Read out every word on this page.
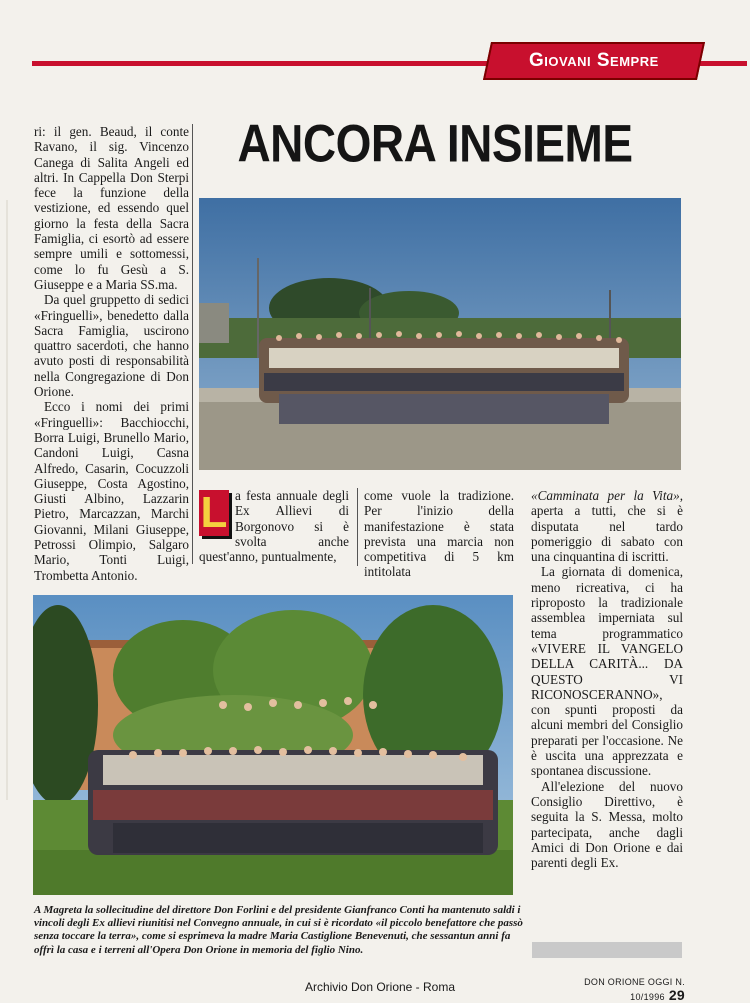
Giovani Sempre
ANCORA INSIEME

ri: il gen. Beaud, il conte Ravano, il sig. Vincenzo Canega di Salita Angeli ed altri. In Cappella Don Sterpi fece la funzione della vestizione, ed essendo quel giorno la festa della Sacra Famiglia, ci esortò ad essere sempre umili e sottomessi, come lo fu Gesù a S. Giuseppe e a Maria SS.ma.

Da quel gruppetto di sedici «Fringuelli», benedetto dalla Sacra Famiglia, uscirono quattro sacerdoti, che hanno avuto posti di responsabilità nella Congregazione di Don Orione.

Ecco i nomi dei primi «Fringuelli»: Bacchiocchi, Borra Luigi, Brunello Mario, Candoni Luigi, Casna Alfredo, Casarin, Cocuzzoli Giuseppe, Costa Agostino, Giusti Albino, Lazzarin Pietro, Marcazzan, Marchi Giovanni, Milani Giuseppe, Petrossi Olimpio, Salgaro Mario, Tonti Luigi, Trombetta Antonio.

L a festa annuale degli Ex Allievi di Borgonovo si è svolta anche quest'anno, puntualmente,

come vuole la tradizione. Per l'inizio della manifestazione è stata prevista una marcia non competitiva di 5 km intitolata

«Camminata per la Vita», aperta a tutti, che si è disputata nel tardo pomeriggio di sabato con una cinquantina di iscritti.

La giornata di domenica, meno ricreativa, ci ha riproposto la tradizionale assemblea imperniata sul tema programmatico «VIVERE IL VANGELO DELLA CARITÀ... DA QUESTO VI RICONOSCERANNO», con spunti proposti da alcuni membri del Consiglio preparati per l'occasione. Ne è uscita una apprezzata e spontanea discussione.

All'elezione del nuovo Consiglio Direttivo, è seguita la S. Messa, molto partecipata, anche dagli Amici di Don Orione e dai parenti degli Ex.

A Magreta la sollecitudine del direttore Don Forlini e del presidente Gianfranco Conti ha mantenuto saldi i vincoli degli Ex allievi riunitisi nel Convegno annuale, in cui si è ricordato «il piccolo benefattore che passò senza toccare la terra», come si esprimeva la madre Maria Castiglione Benevenuti, che sessantun anni fa offrì la casa e i terreni all'Opera Don Orione in memoria del figlio Nino.
Archivio Don Orione - Roma	DON ORIONE OGGI N. 10/1996 29
